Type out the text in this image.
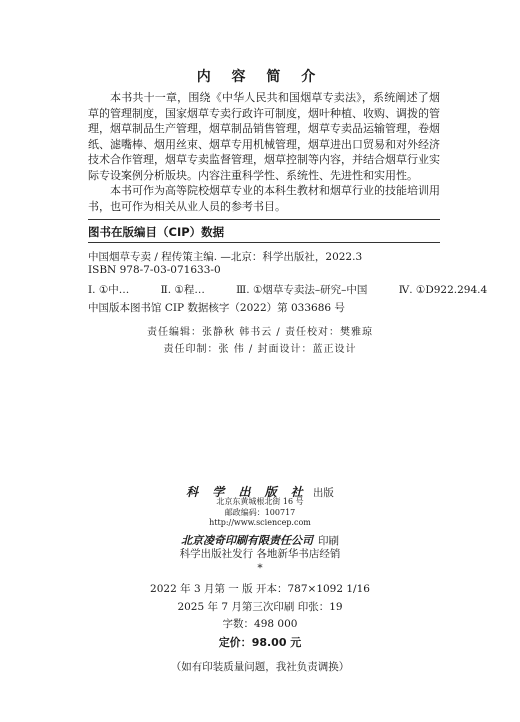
内 容 简 介

本书共十一章，围绕《中华人民共和国烟草专卖法》，系统阐述了烟草的管理制度，国家烟草专卖行政许可制度，烟叶种植、收购、调拨的管理，烟草制品生产管理，烟草制品销售管理，烟草专卖品运输管理，卷烟纸、滤嘴棒、烟用丝束、烟草专用机械管理，烟草进出口贸易和对外经济技术合作管理，烟草专卖监督管理，烟草控制等内容，并结合烟草行业实际专设案例分析版块。内容注重科学性、系统性、先进性和实用性。

本书可作为高等院校烟草专业的本科生教材和烟草行业的技能培训用书，也可作为相关从业人员的参考书目。

图书在版编目（CIP）数据
中国烟草专卖 / 程传策主编. —北京：科学出版社，2022.3
ISBN 978-7-03-071633-0
Ⅰ. ①中…	Ⅱ. ①程…	Ⅲ. ①烟草专卖法–研究–中国	Ⅳ. ①D922.294.4
中国版本图书馆 CIP 数据核字（2022）第 033686 号
责任编辑：张静秋 韩书云 / 责任校对：樊雅琼
责任印制：张 伟 / 封面设计：蓝正设计
科 学 出 版 社 出版
北京东黄城根北街 16 号
邮政编码：100717
http://www.sciencep.com
北京凌奇印刷有限责任公司 印刷
科学出版社发行 各地新华书店经销
*
2022 年 3 月第 一 版 开本：787×1092 1/16
2025 年 7 月第三次印刷 印张：19
字数：498 000
定价：98.00 元
（如有印装质量问题，我社负责调换）
